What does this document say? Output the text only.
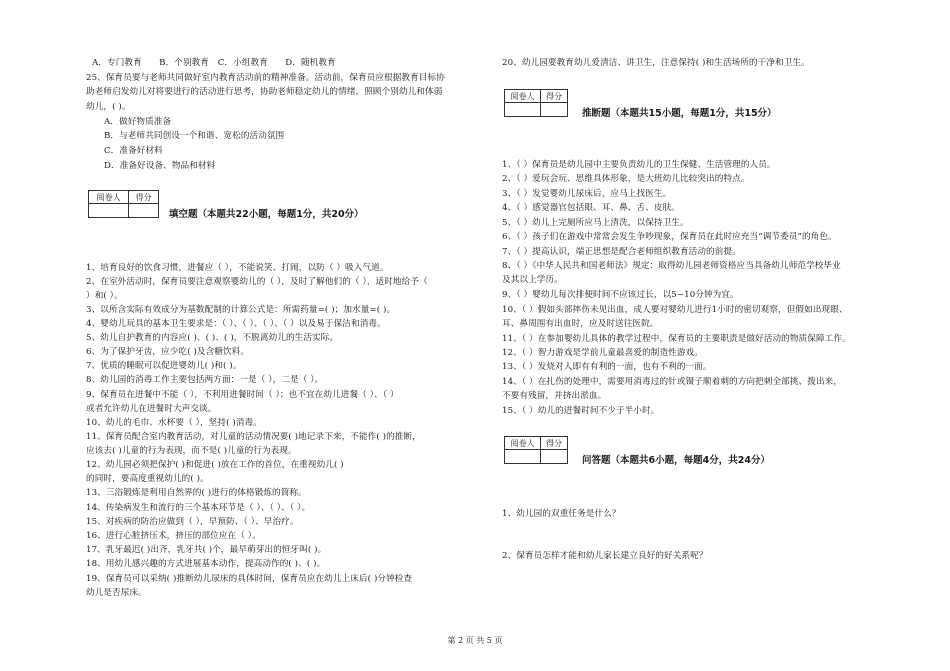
A．专门教育　　B．个别教育　C．小组教育　　D．随机教育
25、保育员要与老师共同做好室内教育活动前的精神准备。活动前，保育员应根据教育目标协
助老师启发幼儿对将要进行的活动进行思考，协助老师稳定幼儿的情绪，照顾个别幼儿和体弱
幼儿，( )。
A．做好物质准备
B．与老师共同创设一个和谐、宽松的活动氛围
C．准备好材料
D．准备好设备、物品和材料
阅卷人	得分

填空题（本题共22小题，每题1分，共20分）
1、培育良好的饮食习惯，进餐应（ ），不能说笑、打闹，以防（ ）吸入气道。
2、在室外活动时，保育员要注意观察婴幼儿的（ ），及时了解他们的（ ），适时地给予（
）和( ）。
3、以所含实际有效成分为基数配制的计算公式是：所需药量=( )；加水量=( )。
4、婴幼儿玩具的基本卫生要求是：（ ）、（ ）、（ ）、（ ）以及易于保洁和消毒。
5、幼儿自护教育的内容应( )、( )、( )，不脱离幼儿的生活实际。
6、为了保护牙齿，应少吃( )及含糖饮料。
7、优质的睡眠可以促进婴幼儿( )和( )。
8、幼儿园的消毒工作主要包括两方面：一是（ ），二是（ ）。
9、保育员在进餐中不能（ ），不利用进餐时间（ ）；也不宜在幼儿进餐（ ）、（ ）
或者允许幼儿在进餐时大声交谈。
10、幼儿的毛巾、水杯要（ ），坚持( )消毒。
11、保育员配合室内教育活动，对儿童的活动情况要( )地记录下来，不能作( )的推断，
应该去( )儿童的行为表现，而不是( )儿童的行为表现。
12、幼儿园必须把保护( )和促进( )放在工作的首位，在重视幼儿( )
的同时，要高度重视幼儿的( )。
13、三浴锻炼是利用自然界的( )进行的体格锻炼的简称。
14、传染病发生和流行的三个基本环节是（ ）、（ ）、（ ）。
15、对疾病的防治应做到（ ），早预防、（ ）、早治疗。
16、进行心脏挤压术，挤压的部位应在（ ）。
17、乳牙最迟( )出齐，乳牙共( )个，最早萌芽出的恒牙叫( )。
18、用幼儿感兴趣的方式进展基本动作，提高动作的( )、( )。
19、保育员可以采纳( )推断幼儿尿床的具体时间，保育员应在幼儿上床后( )分钟检查
幼儿是否尿床。
20、幼儿园要教育幼儿爱清洁、讲卫生，注意保持( )和生活场所的干净和卫生。
阅卷人	得分

推断题（本题共15小题，每题1分，共15分）
1、（ ）保育员是幼儿园中主要负责幼儿的卫生保健、生活管理的人员。
2、（ ）爱玩会玩、思维具体形象，是大班幼儿比较突出的特点。
3、（ ）发觉婴幼儿尿床后，应马上找医生。
4、（ ）感觉器官包括眼、耳、鼻、舌、皮肤。
5、（ ）幼儿上完厕所应马上清洗，以保持卫生。
6、（ ）孩子们在游戏中常常会发生争吵现象，保育员在此时应充当“调节委员”的角色。
7、（ ）提高认识，端正思想是配合老师组织教育活动的前提。
8、（ ）《中华人民共和国老师法》规定：取得幼儿园老师资格应当具备幼儿师范学校毕业
及其以上学历。
9、（ ）婴幼儿每次排便时间不应该过长，以5~10分钟为宜。
10、（ ）假如头部摔伤未见出血，成人要对婴幼儿进行1小时的密切观察，但假如出现眼、
耳、鼻周围有出血时，应及时送往医院。
11、（ ）在参加婴幼儿具体的教学过程中，保育员的主要职责是做好活动的物质保障工作。
12、（ ）智力游戏是学前儿童最喜爱的制造性游戏。
13、（ ）发烧对人即有有利的一面，也有不利的一面。
14、（ ）在扎伤的处理中，需要用消毒过的针或镊子顺着刺的方向把刺全部挑、拨出来，
不要有残留，并挤出淤血。
15、（ ）幼儿的进餐时间不少于半小时。
阅卷人	得分

问答题（本题共6小题，每题4分，共24分）
1、幼儿园的双重任务是什么？
2、保育员怎样才能和幼儿家长建立良好的好关系呢？
第 2 页 共 5 页
